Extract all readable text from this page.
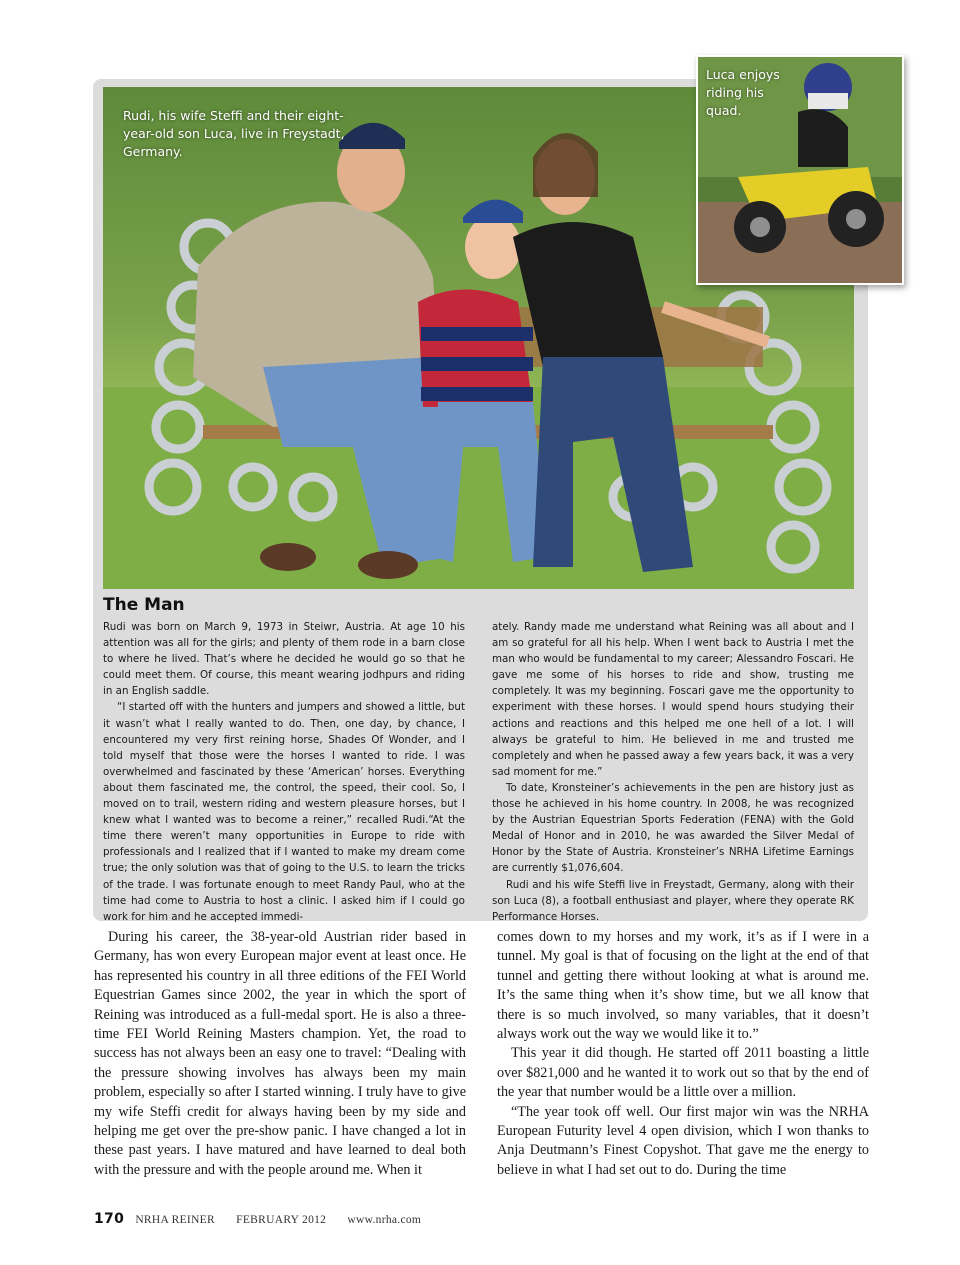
Rudi, his wife Steffi and their eight-year-old son Luca, live in Freystadt, Germany.
Luca enjoys riding his quad.
The Man

Rudi was born on March 9, 1973 in Steiwr, Austria. At age 10 his attention was all for the girls; and plenty of them rode in a barn close to where he lived. That’s where he decided he would go so that he could meet them. Of course, this meant wearing jodhpurs and riding in an English saddle.

“I started off with the hunters and jumpers and showed a little, but it wasn’t what I really wanted to do. Then, one day, by chance, I encountered my very first reining horse, Shades Of Wonder, and I told myself that those were the horses I wanted to ride. I was overwhelmed and fascinated by these ‘American’ horses. Everything about them fascinated me, the control, the speed, their cool. So, I moved on to trail, western riding and western pleasure horses, but I knew what I wanted was to become a reiner,” recalled Rudi.“At the time there weren’t many opportunities in Europe to ride with professionals and I realized that if I wanted to make my dream come true; the only solution was that of going to the U.S. to learn the tricks of the trade. I was fortunate enough to meet Randy Paul, who at the time had come to Austria to host a clinic. I asked him if I could go work for him and he accepted immedi-

ately. Randy made me understand what Reining was all about and I am so grateful for all his help. When I went back to Austria I met the man who would be fundamental to my career; Alessandro Foscari. He gave me some of his horses to ride and show, trusting me completely. It was my beginning. Foscari gave me the opportunity to experiment with these horses. I would spend hours studying their actions and reactions and this helped me one hell of a lot. I will always be grateful to him. He believed in me and trusted me completely and when he passed away a few years back, it was a very sad moment for me.”

To date, Kronsteiner’s achievements in the pen are history just as those he achieved in his home country. In 2008, he was recognized by the Austrian Equestrian Sports Federation (FENA) with the Gold Medal of Honor and in 2010, he was awarded the Silver Medal of Honor by the State of Austria. Kronsteiner’s NRHA Lifetime Earnings are currently $1,076,604.

Rudi and his wife Steffi live in Freystadt, Germany, along with their son Luca (8), a football enthusiast and player, where they operate RK Performance Horses.

During his career, the 38-year-old Austrian rider based in Germany, has won every European major event at least once. He has represented his country in all three editions of the FEI World Equestrian Games since 2002, the year in which the sport of Reining was introduced as a full-medal sport. He is also a three-time FEI World Reining Masters champion. Yet, the road to success has not always been an easy one to travel: “Dealing with the pressure showing involves has always been my main problem, especially so after I started winning. I truly have to give my wife Steffi credit for always having been by my side and helping me get over the pre-show panic. I have changed a lot in these past years. I have matured and have learned to deal both with the pressure and with the people around me. When it

comes down to my horses and my work, it’s as if I were in a tunnel. My goal is that of focusing on the light at the end of that tunnel and getting there without looking at what is around me. It’s the same thing when it’s show time, but we all know that there is so much involved, so many variables, that it doesn’t always work out the way we would like it to.”

This year it did though. He started off 2011 boasting a little over $821,000 and he wanted it to work out so that by the end of the year that number would be a little over a million.

“The year took off well. Our first major win was the NRHA European Futurity level 4 open division, which I won thanks to Anja Deutmann’s Finest Copyshot. That gave me the energy to believe in what I had set out to do. During the time

170 NRHA REINER FEBRUARY 2012 www.nrha.com
